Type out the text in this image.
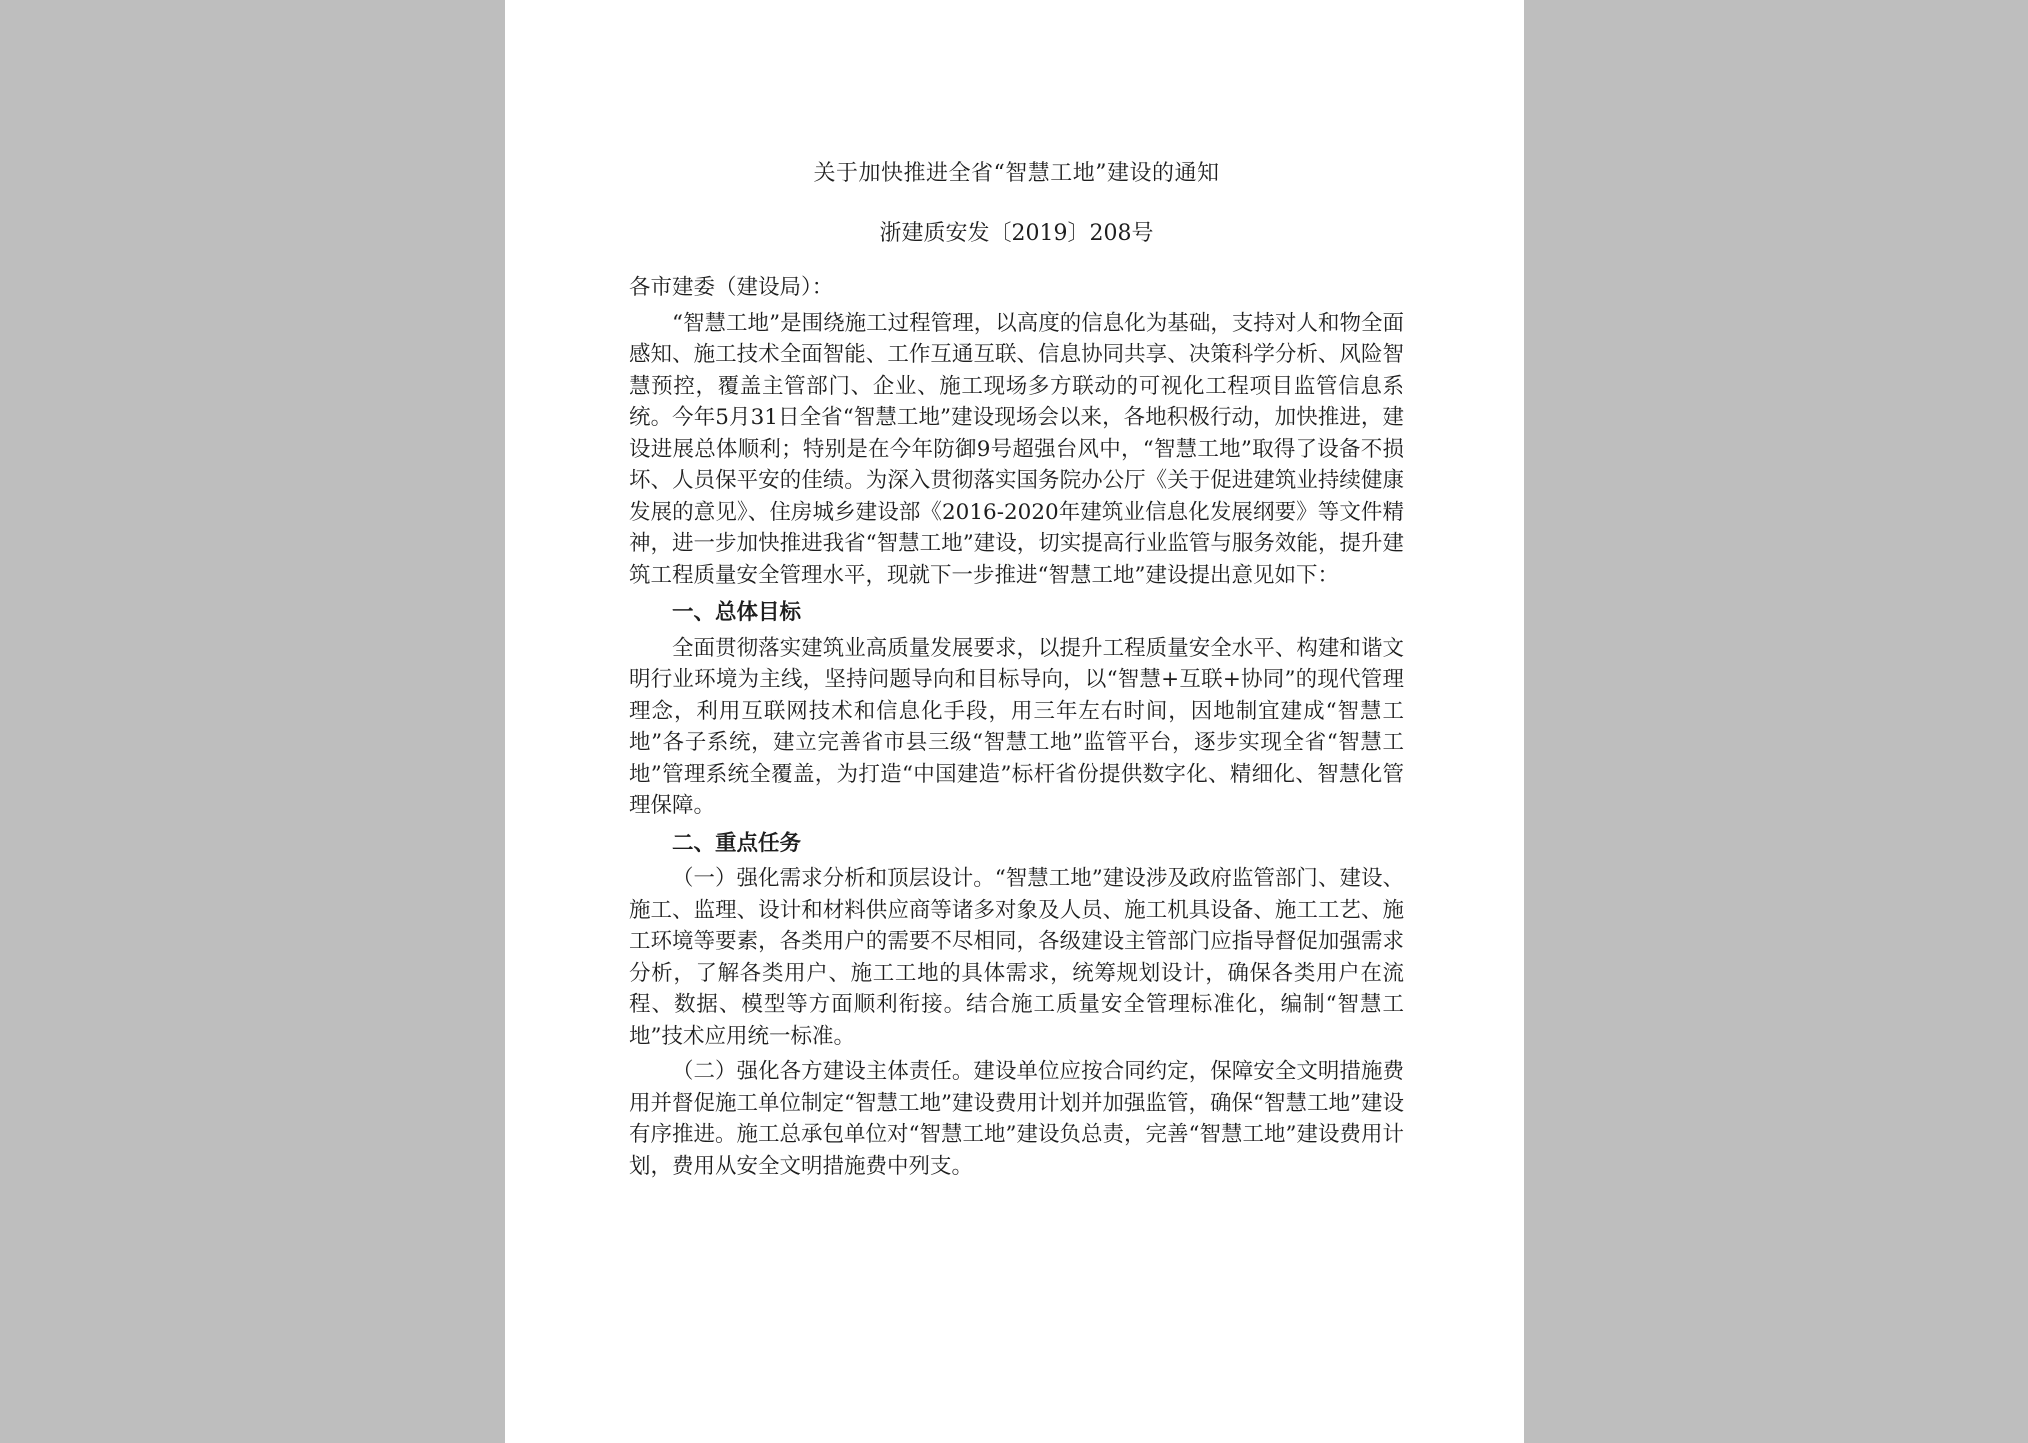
关于加快推进全省“智慧工地”建设的通知

浙建质安发〔2019〕208号

各市建委（建设局）：

“智慧工地”是围绕施工过程管理，以高度的信息化为基础，支持对人和物全面感知、施工技术全面智能、工作互通互联、信息协同共享、决策科学分析、风险智慧预控，覆盖主管部门、企业、施工现场多方联动的可视化工程项目监管信息系统。今年5月31日全省“智慧工地”建设现场会以来，各地积极行动，加快推进，建设进展总体顺利；特别是在今年防御9号超强台风中，“智慧工地”取得了设备不损坏、人员保平安的佳绩。为深入贯彻落实国务院办公厅《关于促进建筑业持续健康发展的意见》、住房城乡建设部《2016-2020年建筑业信息化发展纲要》等文件精神，进一步加快推进我省“智慧工地”建设，切实提高行业监管与服务效能，提升建筑工程质量安全管理水平，现就下一步推进“智慧工地”建设提出意见如下：

一、总体目标

全面贯彻落实建筑业高质量发展要求，以提升工程质量安全水平、构建和谐文明行业环境为主线，坚持问题导向和目标导向，以“智慧+互联+协同”的现代管理理念，利用互联网技术和信息化手段，用三年左右时间，因地制宜建成“智慧工地”各子系统，建立完善省市县三级“智慧工地”监管平台，逐步实现全省“智慧工地”管理系统全覆盖，为打造“中国建造”标杆省份提供数字化、精细化、智慧化管理保障。

二、重点任务

（一）强化需求分析和顶层设计。“智慧工地”建设涉及政府监管部门、建设、施工、监理、设计和材料供应商等诸多对象及人员、施工机具设备、施工工艺、施工环境等要素，各类用户的需要不尽相同，各级建设主管部门应指导督促加强需求分析，了解各类用户、施工工地的具体需求，统筹规划设计，确保各类用户在流程、数据、模型等方面顺利衔接。结合施工质量安全管理标准化，编制“智慧工地”技术应用统一标准。

（二）强化各方建设主体责任。建设单位应按合同约定，保障安全文明措施费用并督促施工单位制定“智慧工地”建设费用计划并加强监管，确保“智慧工地”建设有序推进。施工总承包单位对“智慧工地”建设负总责，完善“智慧工地”建设费用计划，费用从安全文明措施费中列支。
